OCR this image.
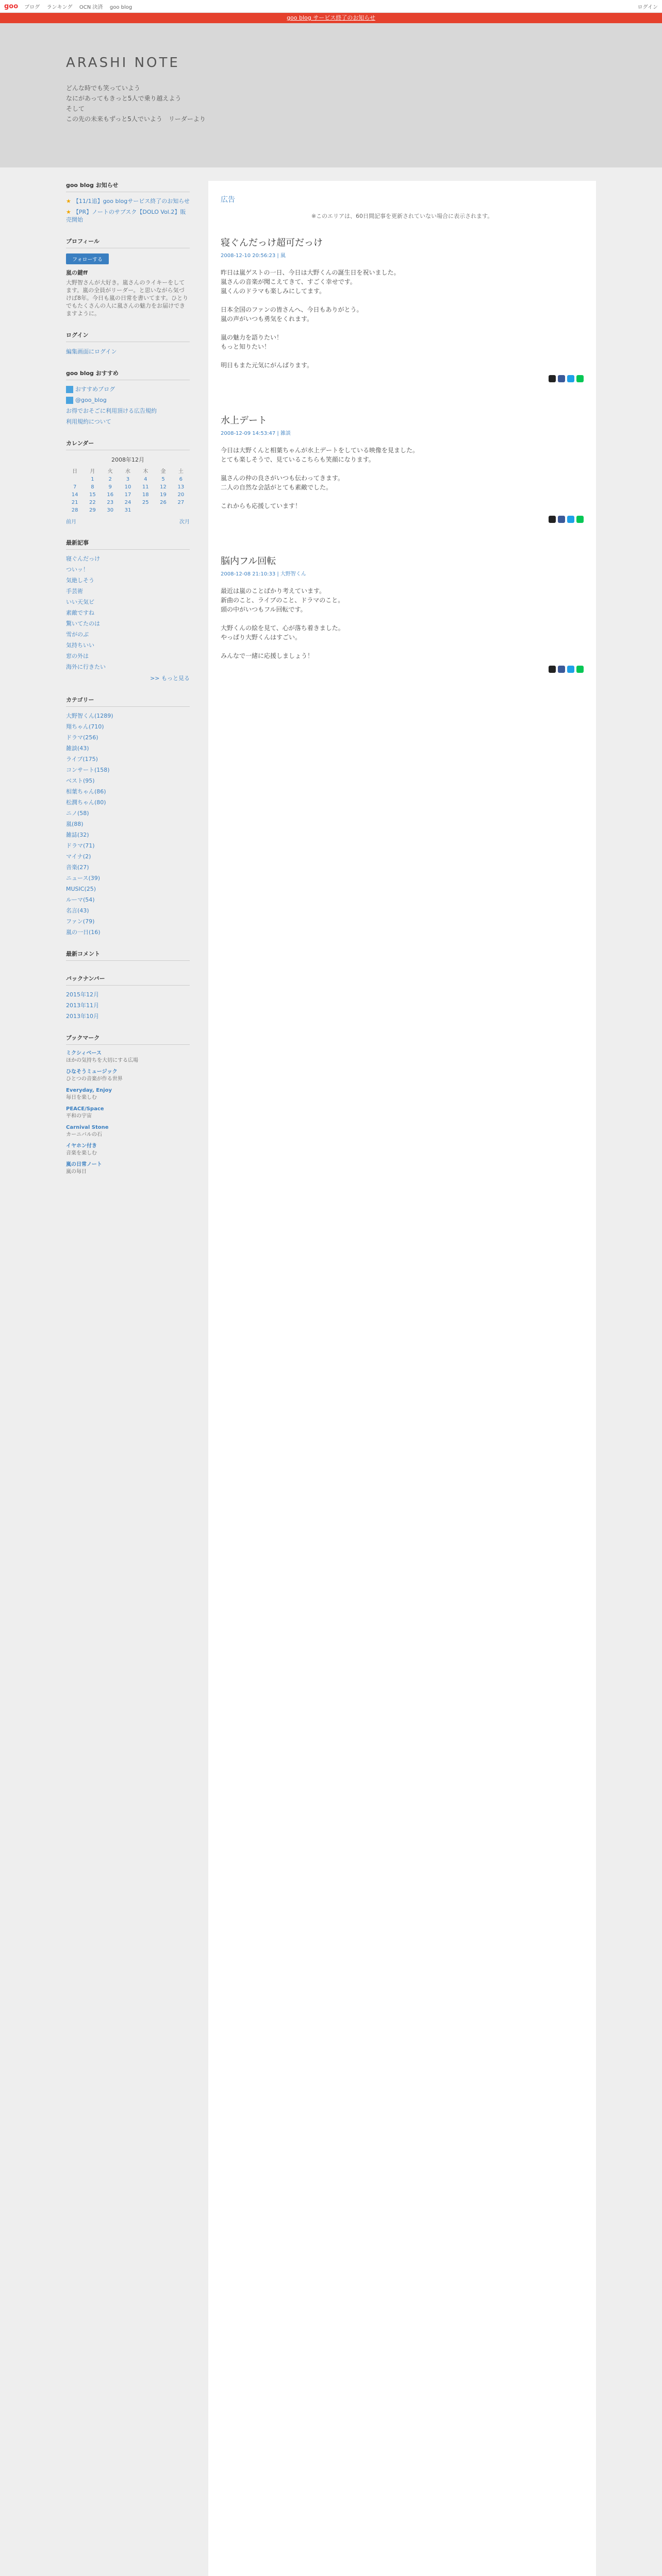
goo ブログ ランキング OCN 決済 goo blog	ログイン
goo blog サービス終了のお知らせ
ARASHI NOTE
どんな時でも笑っていよう
なにがあってもきっと5人で乗り越えよう
そして
この先の未来もずっと5人でいよう　リーダーより
goo blog お知らせ
★ 【11/1追】goo blogサービス終了のお知らせ
★ 【PR】ノートのサブスク【DOLO Vol.2】販売開始
プロフィール
フォローする
嵐の鍵ff
大野智さんが大好き。嵐さんのライキーをしてます。嵐の全員がリーダー。と思いながら気づけば8年。今日も嵐の日常を書いてます。ひとりでもたくさんの人に嵐さんの魅力をお届けできますように。
ログイン
編集画面にログイン
goo blog おすすめ
おすすめブログ
@goo_blog
お得でおそごに利用頂ける広告規約
利用規約について
カレンダー
2008年12月
日	月	火	水	木	金	土
	1	2	3	4	5	6
7	8	9	10	11	12	13
14	15	16	17	18	19	20
21	22	23	24	25	26	27
28	29	30	31			
前月	次月
最新記事
寝ぐんだっけ
ついッ！
気絶しそう
手芸術
いい天気ビ
素敵ですね
驚いてたのは
雪がのぶ
気持ちいい
窓の外は
海外に行きたい
>> もっと見る
カテゴリー
大野智くん(1289)
翔ちゃん(710)
ドラマ(256)
雑談(43)
ライブ(175)
コンサート(158)
ベスト(95)
相葉ちゃん(86)
松潤ちゃん(80)
ニノ(58)
嵐(88)
雑誌(32)
ドラマ(71)
マイナ(2)
音楽(27)
ニュース(39)
MUSIC(25)
ルーマ(54)
名言(43)
ファン(79)
嵐の一日(16)
最新コメント
バックナンバー
2015年12月
2013年11月
2013年10月
ブックマーク
ミクシィベース
ほかの気持ちを大切にする広場
ひなそうミュージック
ひとつの音楽が作る世界
Everyday, Enjoy
毎日を楽しむ
PEACE/Space
平和の宇宙
Carnival Stone
カーニバルの石
イヤホン付き
音楽を楽しむ
嵐の日常ノート
嵐の毎日
広告
※このエリアは、60日間記事を更新されていない場合に表示されます。
寝ぐんだっけ超可だっけ
2008-12-10 20:56:23 | 嵐

昨日は嵐ゲストの一日、今日は大野くんの誕生日を祝いました。
嵐さんの音楽が聞こえてきて、すごく幸せです。
嵐くんのドラマも楽しみにしてます。

日本全国のファンの皆さんへ、今日もありがとう。
嵐の声がいつも勇気をくれます。

嵐の魅力を語りたい！
もっと知りたい！

明日もまた元気にがんばります。

水上デート
2008-12-09 14:53:47 | 雑談

今日は大野くんと相葉ちゃんが水上デートをしている映像を見ました。
とても楽しそうで、見ているこちらも笑顔になります。

嵐さんの仲の良さがいつも伝わってきます。
二人の自然な会話がとても素敵でした。

これからも応援しています！

脳内フル回転
2008-12-08 21:10:33 | 大野智くん

最近は嵐のことばかり考えています。
新曲のこと、ライブのこと、ドラマのこと。
頭の中がいつもフル回転です。

大野くんの絵を見て、心が落ち着きました。
やっぱり大野くんはすごい。

みんなで一緒に応援しましょう！
